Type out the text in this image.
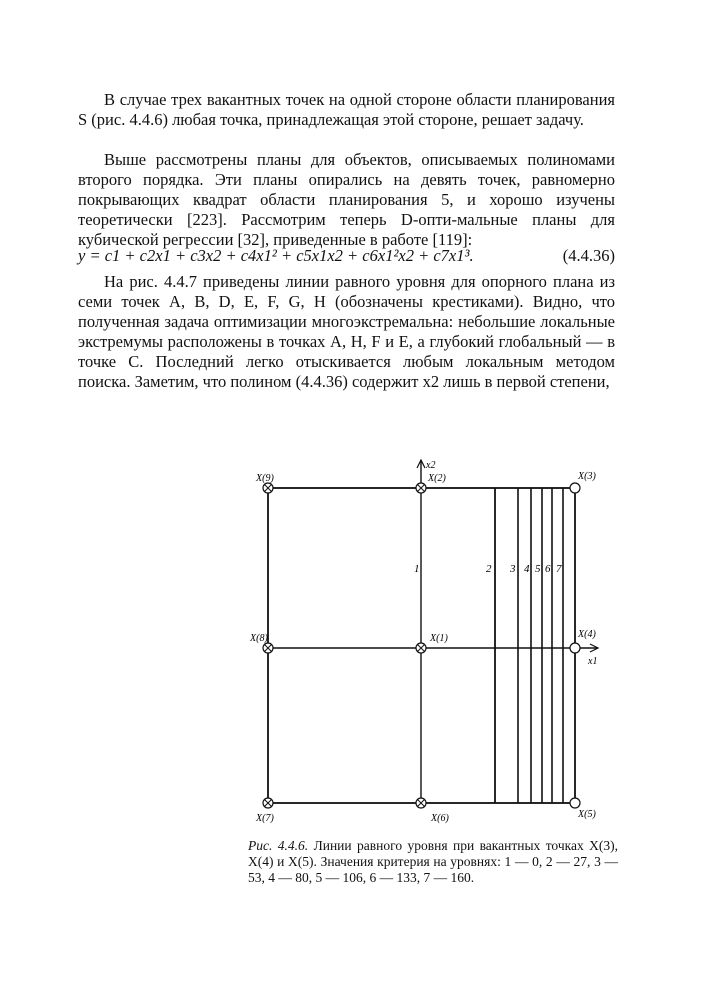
В случае трех вакантных точек на одной стороне области планирования S (рис. 4.4.6) любая точка, принадлежащая этой стороне, решает задачу.

Выше рассмотрены планы для объектов, описываемых полиномами второго порядка. Эти планы опирались на девять точек, равномерно покрывающих квадрат области планирования 5, и хорошо изучены теоретически [223]. Рассмотрим теперь D-опти-мальные планы для кубической регрессии [32], приведенные в работе [119]:

y = c1 + c2x1 + c3x2 + c4x1² + c5x1x2 + c6x1²x2 + c7x1³.	(4.4.36)

На рис. 4.4.7 приведены линии равного уровня для опорного плана из семи точек A, B, D, E, F, G, H (обозначены крестиками). Видно, что полученная задача оптимизации многоэкстремальна: небольшие локальные экстремумы расположены в точках A, H, F и E, а глубокий глобальный — в точке С. Последний легко отыскивается любым локальным методом поиска. Заметим, что полином (4.4.36) содержит x2 лишь в первой степени,

1	2 3 4 5 6 7
X(9)	X(2)	X(3)
X(8)	X(1)	X(4)
X(7)	X(6)	X(5)
x2
x1
Рис. 4.4.6. Линии равного уровня при вакантных точках X(3), X(4) и X(5). Значения критерия на уровнях: 1 — 0, 2 — 27, 3 — 53, 4 — 80, 5 — 106, 6 — 133, 7 — 160.
